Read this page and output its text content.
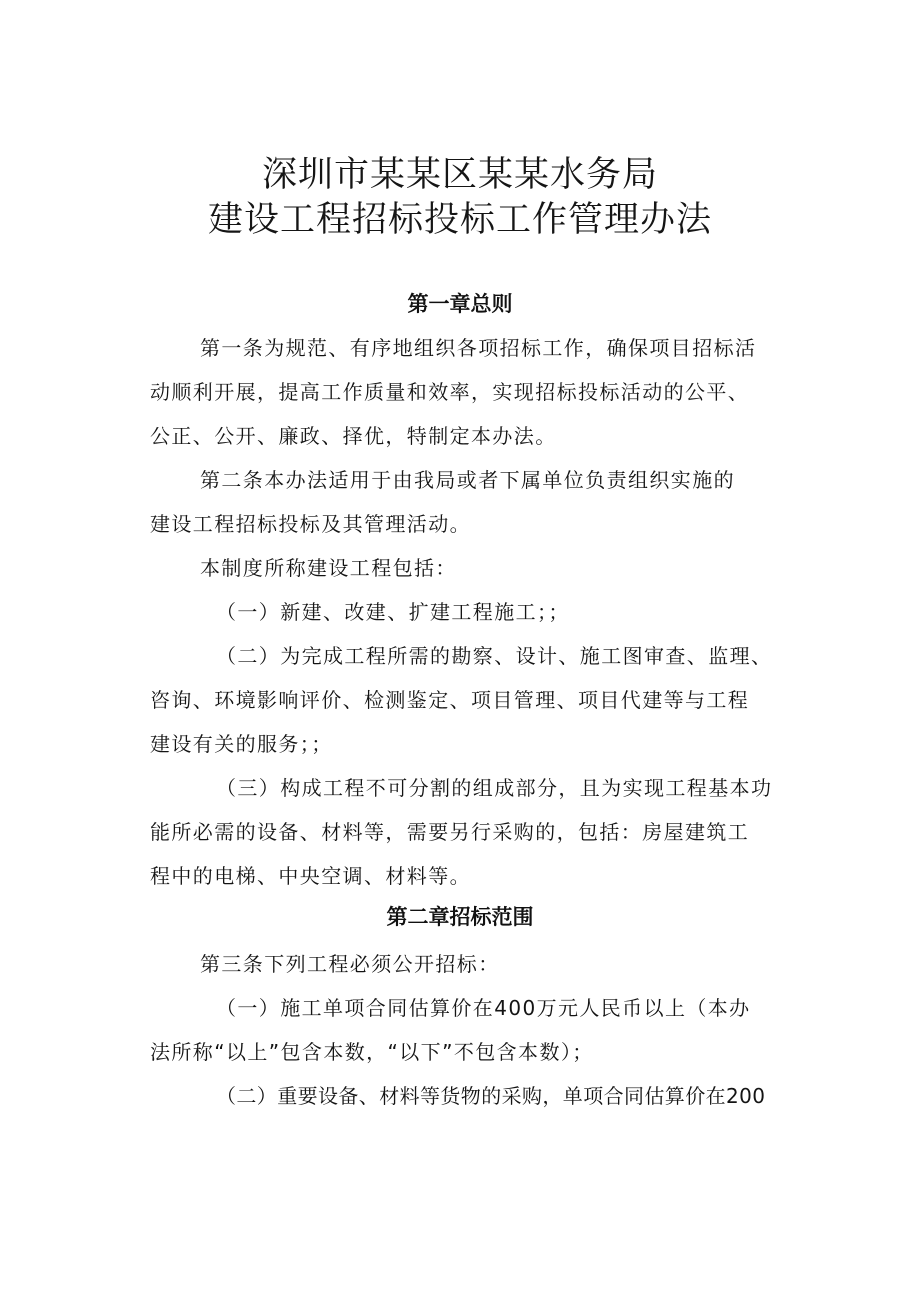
深圳市某某区某某水务局
建设工程招标投标工作管理办法
第一章总则
第一条为规范、有序地组织各项招标工作，确保项目招标活
动顺利开展，提高工作质量和效率，实现招标投标活动的公平、
公正、公开、廉政、择优，特制定本办法。
第二条本办法适用于由我局或者下属单位负责组织实施的
建设工程招标投标及其管理活动。
本制度所称建设工程包括：
（一）新建、改建、扩建工程施工；；
（二）为完成工程所需的勘察、设计、施工图审查、监理、
咨询、环境影响评价、检测鉴定、项目管理、项目代建等与工程
建设有关的服务；；
（三）构成工程不可分割的组成部分，且为实现工程基本功
能所必需的设备、材料等，需要另行采购的，包括：房屋建筑工
程中的电梯、中央空调、材料等。
第二章招标范围
第三条下列工程必须公开招标：
（一）施工单项合同估算价在400万元人民币以上（本办
法所称“以上”包含本数，“以下”不包含本数）；
（二）重要设备、材料等货物的采购，单项合同估算价在200
